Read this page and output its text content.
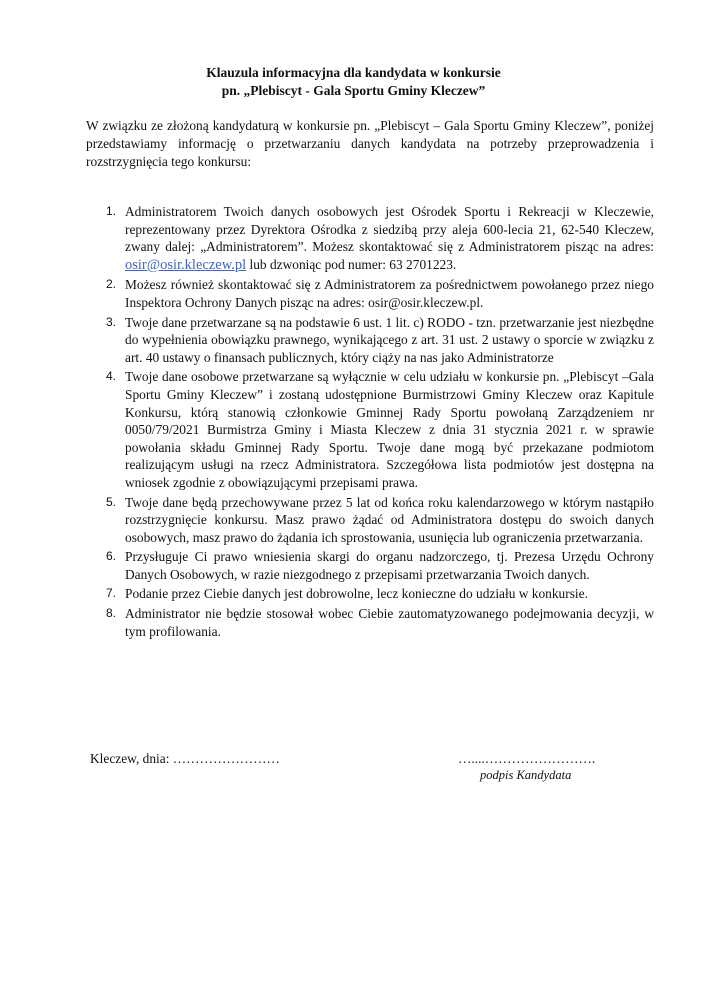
Klauzula informacyjna dla kandydata w konkursie
pn. „Plebiscyt - Gala Sportu Gminy Kleczew”
W związku ze złożoną kandydaturą w konkursie pn. „Plebiscyt – Gala Sportu Gminy Kleczew”, poniżej przedstawiamy informację o przetwarzaniu danych kandydata na potrzeby przeprowadzenia i rozstrzygnięcia tego konkursu:
1. Administratorem Twoich danych osobowych jest Ośrodek Sportu i Rekreacji w Kleczewie, reprezentowany przez Dyrektora Ośrodka z siedzibą przy aleja 600-lecia 21, 62-540 Kleczew, zwany dalej: „Administratorem”. Możesz skontaktować się z Administratorem pisząc na adres: osir@osir.kleczew.pl lub dzwoniąc pod numer: 63 2701223.
2. Możesz również skontaktować się z Administratorem za pośrednictwem powołanego przez niego Inspektora Ochrony Danych pisząc na adres: osir@osir.kleczew.pl.
3. Twoje dane przetwarzane są na podstawie 6 ust. 1 lit. c) RODO - tzn. przetwarzanie jest niezbędne do wypełnienia obowiązku prawnego, wynikającego z art. 31 ust. 2 ustawy o sporcie w związku z art. 40 ustawy o finansach publicznych, który ciąży na nas jako Administratorze
4. Twoje dane osobowe przetwarzane są wyłącznie w celu udziału w konkursie pn. „Plebiscyt –Gala Sportu Gminy Kleczew” i zostaną udostępnione Burmistrzowi Gminy Kleczew oraz Kapitule Konkursu, którą stanowią członkowie Gminnej Rady Sportu powołaną Zarządzeniem nr 0050/79/2021 Burmistrza Gminy i Miasta Kleczew z dnia 31 stycznia 2021 r. w sprawie powołania składu Gminnej Rady Sportu. Twoje dane mogą być przekazane podmiotom realizującym usługi na rzecz Administratora. Szczegółowa lista podmiotów jest dostępna na wniosek zgodnie z obowiązującymi przepisami prawa.
5. Twoje dane będą przechowywane przez 5 lat od końca roku kalendarzowego w którym nastąpiło rozstrzygnięcie konkursu. Masz prawo żądać od Administratora dostępu do swoich danych osobowych, masz prawo do żądania ich sprostowania, usunięcia lub ograniczenia przetwarzania.
6. Przysługuje Ci prawo wniesienia skargi do organu nadzorczego, tj. Prezesa Urzędu Ochrony Danych Osobowych, w razie niezgodnego z przepisami przetwarzania Twoich danych.
7. Podanie przez Ciebie danych jest dobrowolne, lecz konieczne do udziału w konkursie.
8. Administrator nie będzie stosował wobec Ciebie zautomatyzowanego podejmowania decyzji, w tym profilowania.
Kleczew, dnia: ……………………	…....…………………….
podpis Kandydata
